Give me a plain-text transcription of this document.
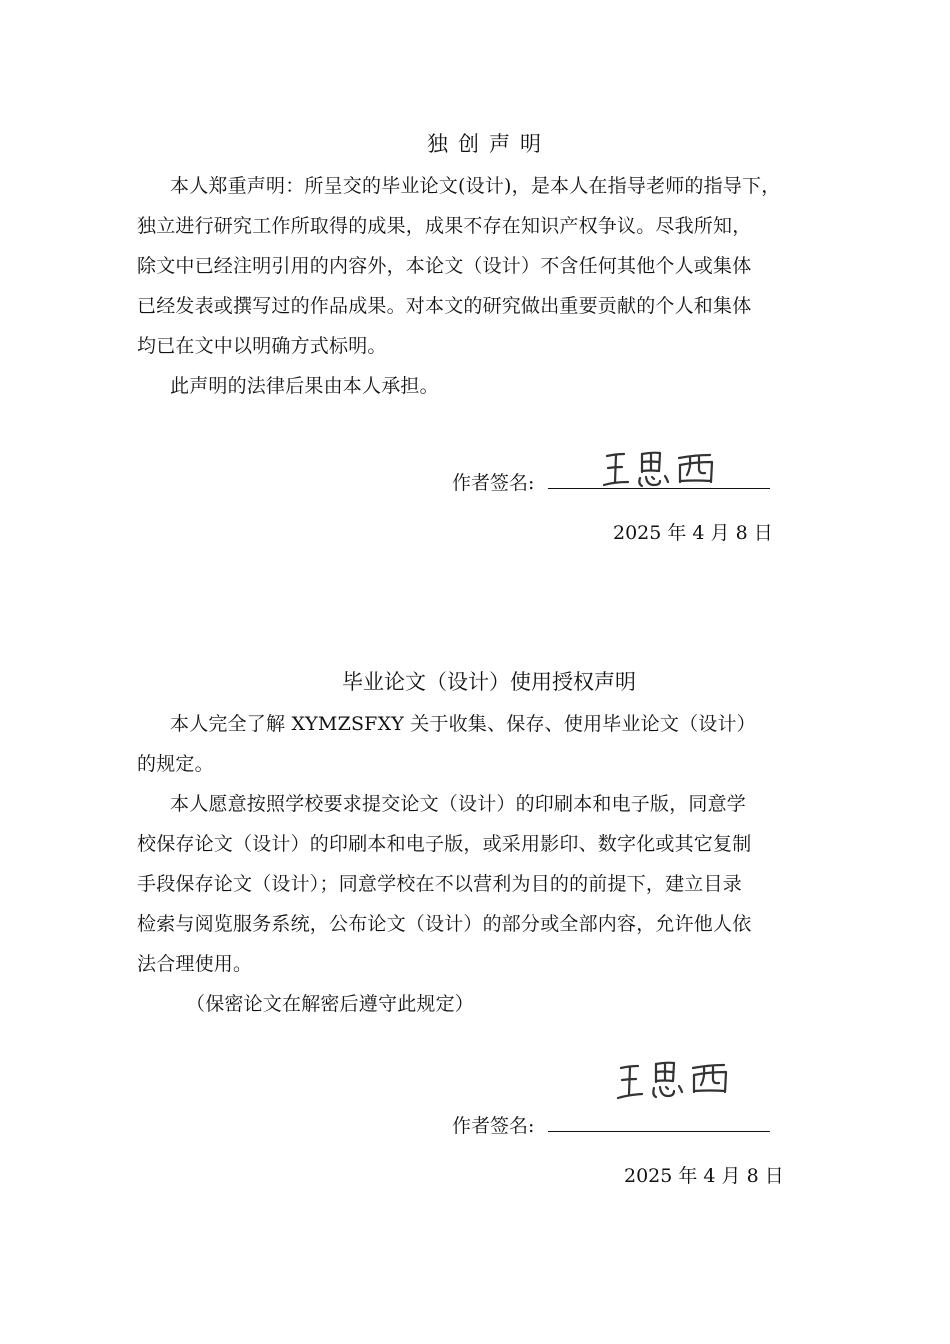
独创声明
本人郑重声明：所呈交的毕业论文(设计)，是本人在指导老师的指导下，
独立进行研究工作所取得的成果，成果不存在知识产权争议。尽我所知，
除文中已经注明引用的内容外，本论文（设计）不含任何其他个人或集体
已经发表或撰写过的作品成果。对本文的研究做出重要贡献的个人和集体
均已在文中以明确方式标明。
此声明的法律后果由本人承担。
作者签名:
2025 年 4 月 8 日
毕业论文（设计）使用授权声明
本人完全了解 XYMZSFXY 关于收集、保存、使用毕业论文（设计）
的规定。
本人愿意按照学校要求提交论文（设计）的印刷本和电子版，同意学
校保存论文（设计）的印刷本和电子版，或采用影印、数字化或其它复制
手段保存论文（设计）；同意学校在不以营利为目的的前提下，建立目录
检索与阅览服务系统，公布论文（设计）的部分或全部内容，允许他人依
法合理使用。
（保密论文在解密后遵守此规定）
作者签名:
2025 年 4 月 8 日
